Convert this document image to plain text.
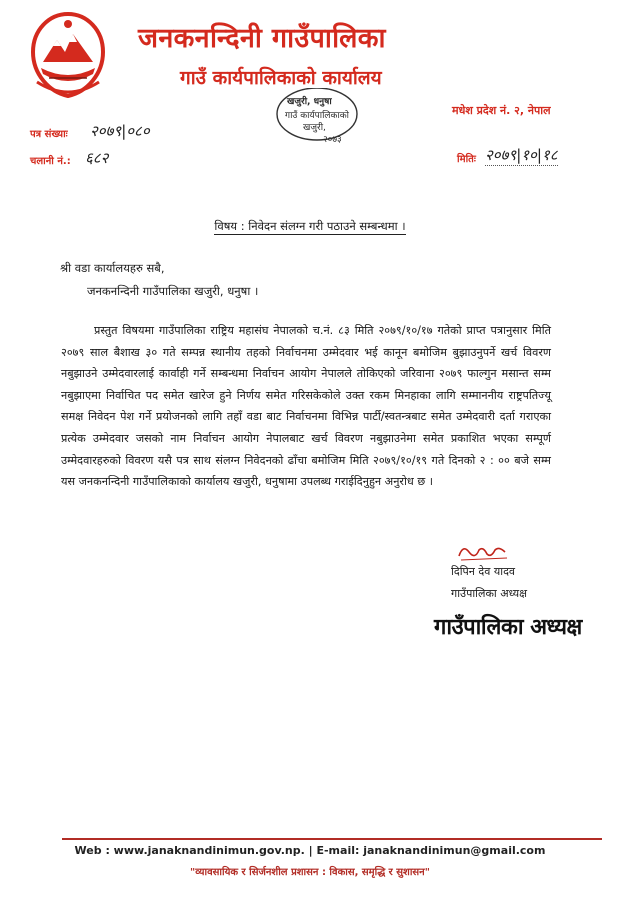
जनकनन्दिनी गाउँपालिका
गाउँ कार्यपालिकाको कार्यालय
खजुरी, धनुषा
गाउँ कार्यपालिकाको
खजुरी,
२०७३
मधेश प्रदेश नं. २, नेपाल
पत्र संख्याः २०७९|०८०
चलानी नं.: ६८२	मितिः २०७९|१०|१८
विषय : निवेदन संलग्न गरी पठाउने सम्बन्धमा ।
श्री वडा कार्यालयहरु सबै,
जनकनन्दिनी गाउँपालिका खजुरी, धनुषा ।

प्रस्तुत विषयमा गाउँपालिका राष्ट्रिय महासंघ नेपालको च.नं. ८३ मिति २०७९/१०/१७ गतेको प्राप्त पत्रानुसार मिति २०७९ साल बैशाख ३० गते सम्पन्न स्थानीय तहको निर्वाचनमा उम्मेदवार भई कानून बमोजिम बुझाउनुपर्ने खर्च विवरण नबुझाउने उम्मेदवारलाई कार्वाही गर्ने सम्बन्धमा निर्वाचन आयोग नेपालले तोकिएको जरिवाना २०७९ फाल्गुन मसान्त सम्म नबुझाएमा निर्वाचित पद समेत खारेज हुने निर्णय समेत गरिसकेकोले उक्त रकम मिनहाका लागि सम्माननीय राष्ट्रपतिज्यू समक्ष निवेदन पेश गर्ने प्रयोजनको लागि तहाँ वडा बाट निर्वाचनमा विभिन्न पार्टी/स्वतन्त्रबाट समेत उम्मेदवारी दर्ता गराएका प्रत्येक उम्मेदवार जसको नाम निर्वाचन आयोग नेपालबाट खर्च विवरण नबुझाउनेमा समेत प्रकाशित भएका सम्पूर्ण उम्मेदवारहरुको विवरण यसै पत्र साथ संलग्न निवेदनको ढाँचा बमोजिम मिति २०७९/१०/१९ गते दिनको २ : ०० बजे सम्म यस जनकनन्दिनी गाउँपालिकाको कार्यालय खजुरी, धनुषामा उपलब्ध गराईदिनुहुन अनुरोध छ ।

दिपिन देव यादव
गाउँपालिका अध्यक्ष
गाउँपालिका अध्यक्ष
Web : www.janaknandinimun.gov.np. | E-mail: janaknandinimun@gmail.com
"व्यावसायिक र सिर्जनशील प्रशासन : विकास, समृद्धि र सुशासन"
